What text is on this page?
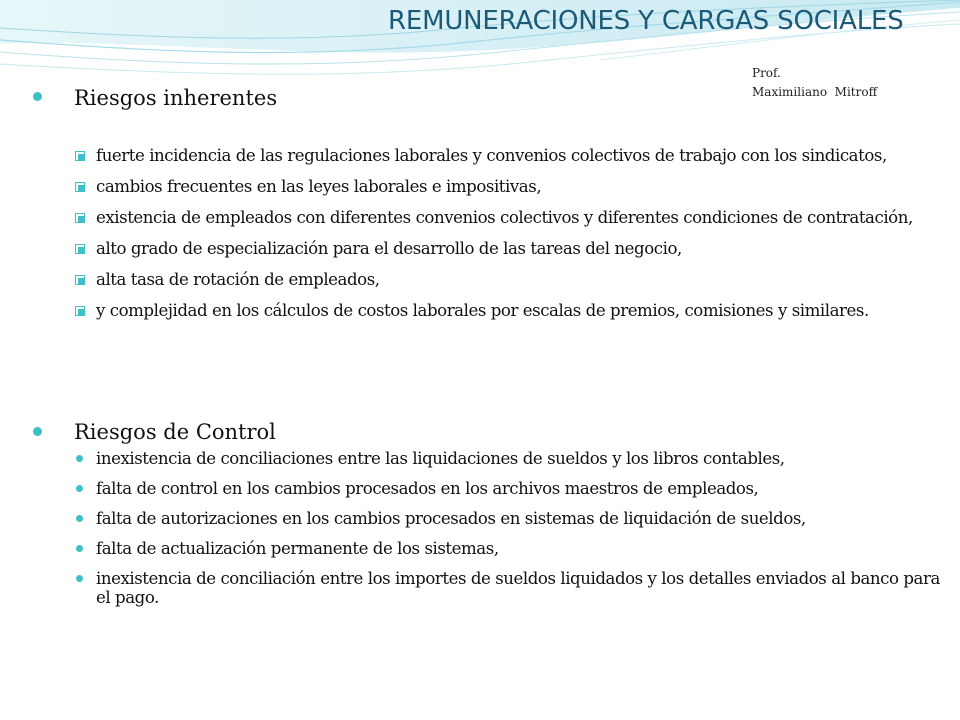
REMUNERACIONES Y CARGAS SOCIALES
Prof.
Maximiliano  Mitroff
Riesgos inherentes
fuerte incidencia de las regulaciones laborales y convenios colectivos de trabajo con los sindicatos,
cambios frecuentes en las leyes laborales e impositivas,
existencia de empleados con diferentes convenios colectivos y diferentes condiciones de contratación,
alto grado de especialización para el desarrollo de las tareas del negocio,
alta tasa de rotación de empleados,
y complejidad en los cálculos de costos laborales por escalas de premios, comisiones y similares.
Riesgos de Control
inexistencia de conciliaciones entre las liquidaciones de sueldos y los libros contables,
falta de control en los cambios procesados en los archivos maestros de empleados,
falta de autorizaciones en los cambios procesados en sistemas de liquidación de sueldos,
falta de actualización permanente de los sistemas,
inexistencia de conciliación entre los importes de sueldos liquidados y los detalles enviados al banco para el pago.
